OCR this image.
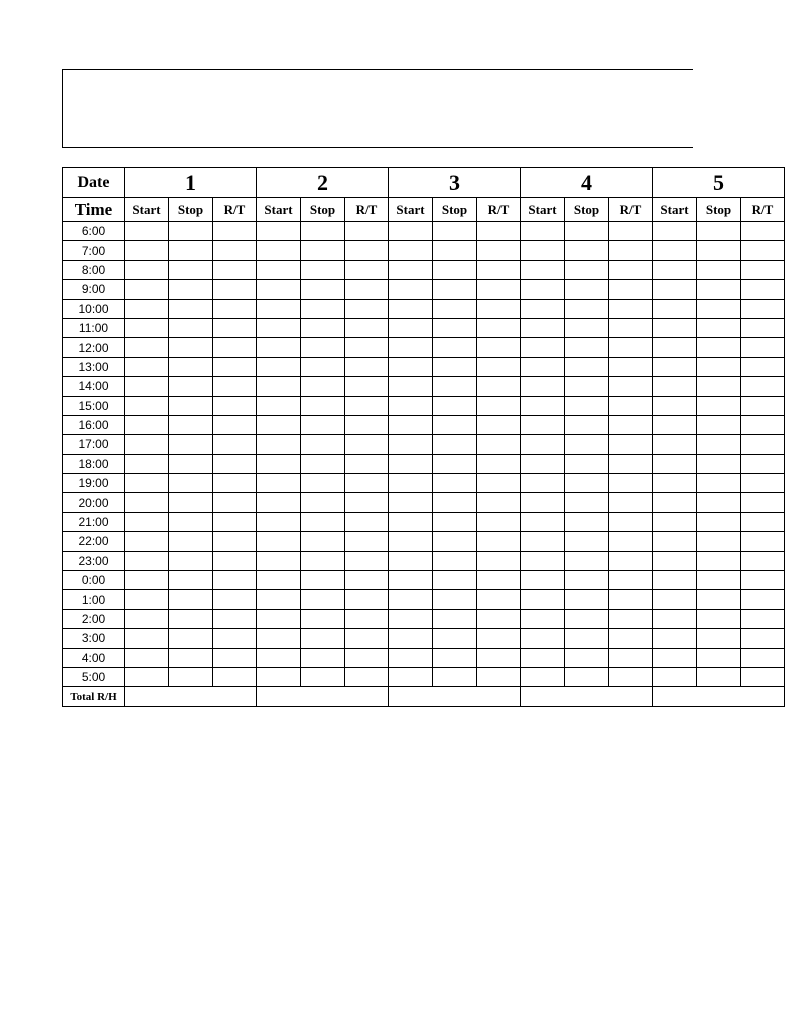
Date	1			2			3			4			5		
Time	Start	Stop	R/T	Start	Stop	R/T	Start	Stop	R/T	Start	Stop	R/T	Start	Stop	R/T
6:00															
7:00															
8:00															
9:00															
10:00															
11:00															
12:00															
13:00															
14:00															
15:00															
16:00															
17:00															
18:00															
19:00															
20:00															
21:00															
22:00															
23:00															
0:00															
1:00															
2:00															
3:00															
4:00															
5:00															
Total R/H															
